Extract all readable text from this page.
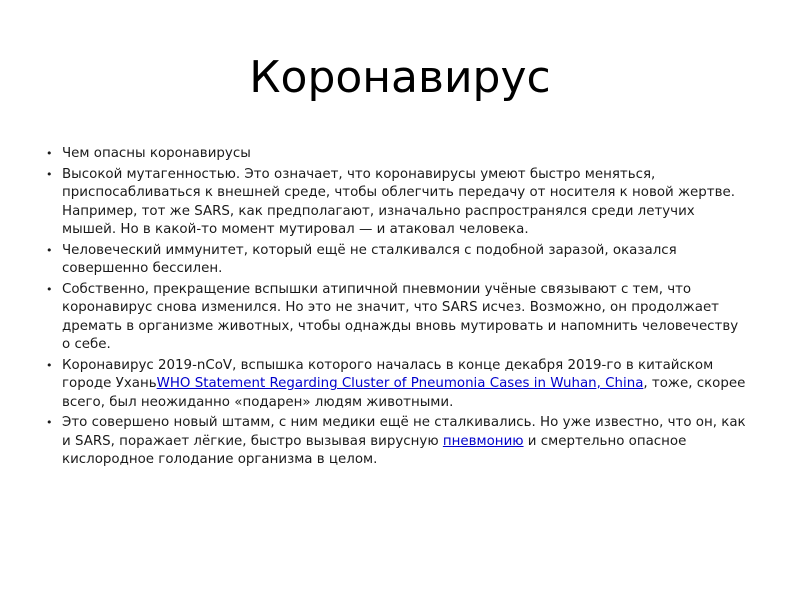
Коронавирус
• Чем опасны коронавирусы
• Высокой мутагенностью. Это означает, что коронавирусы умеют быстро меняться, приспосабливаться к внешней среде, чтобы облегчить передачу от носителя к новой жертве. Например, тот же SARS, как предполагают, изначально распространялся среди летучих мышей. Но в какой-то момент мутировал — и атаковал человека.
• Человеческий иммунитет, который ещё не сталкивался с подобной заразой, оказался совершенно бессилен.
• Собственно, прекращение вспышки атипичной пневмонии учёные связывают с тем, что коронавирус снова изменился. Но это не значит, что SARS исчез. Возможно, он продолжает дремать в организме животных, чтобы однажды вновь мутировать и напомнить человечеству о себе.
• Коронавирус 2019-nCoV, вспышка которого началась в конце декабря 2019-го в китайском городе УханьWHO Statement Regarding Cluster of Pneumonia Cases in Wuhan, China, тоже, скорее всего, был неожиданно «подарен» людям животными.
• Это совершено новый штамм, с ним медики ещё не сталкивались. Но уже известно, что он, как и SARS, поражает лёгкие, быстро вызывая вирусную пневмонию и смертельно опасное кислородное голодание организма в целом.
